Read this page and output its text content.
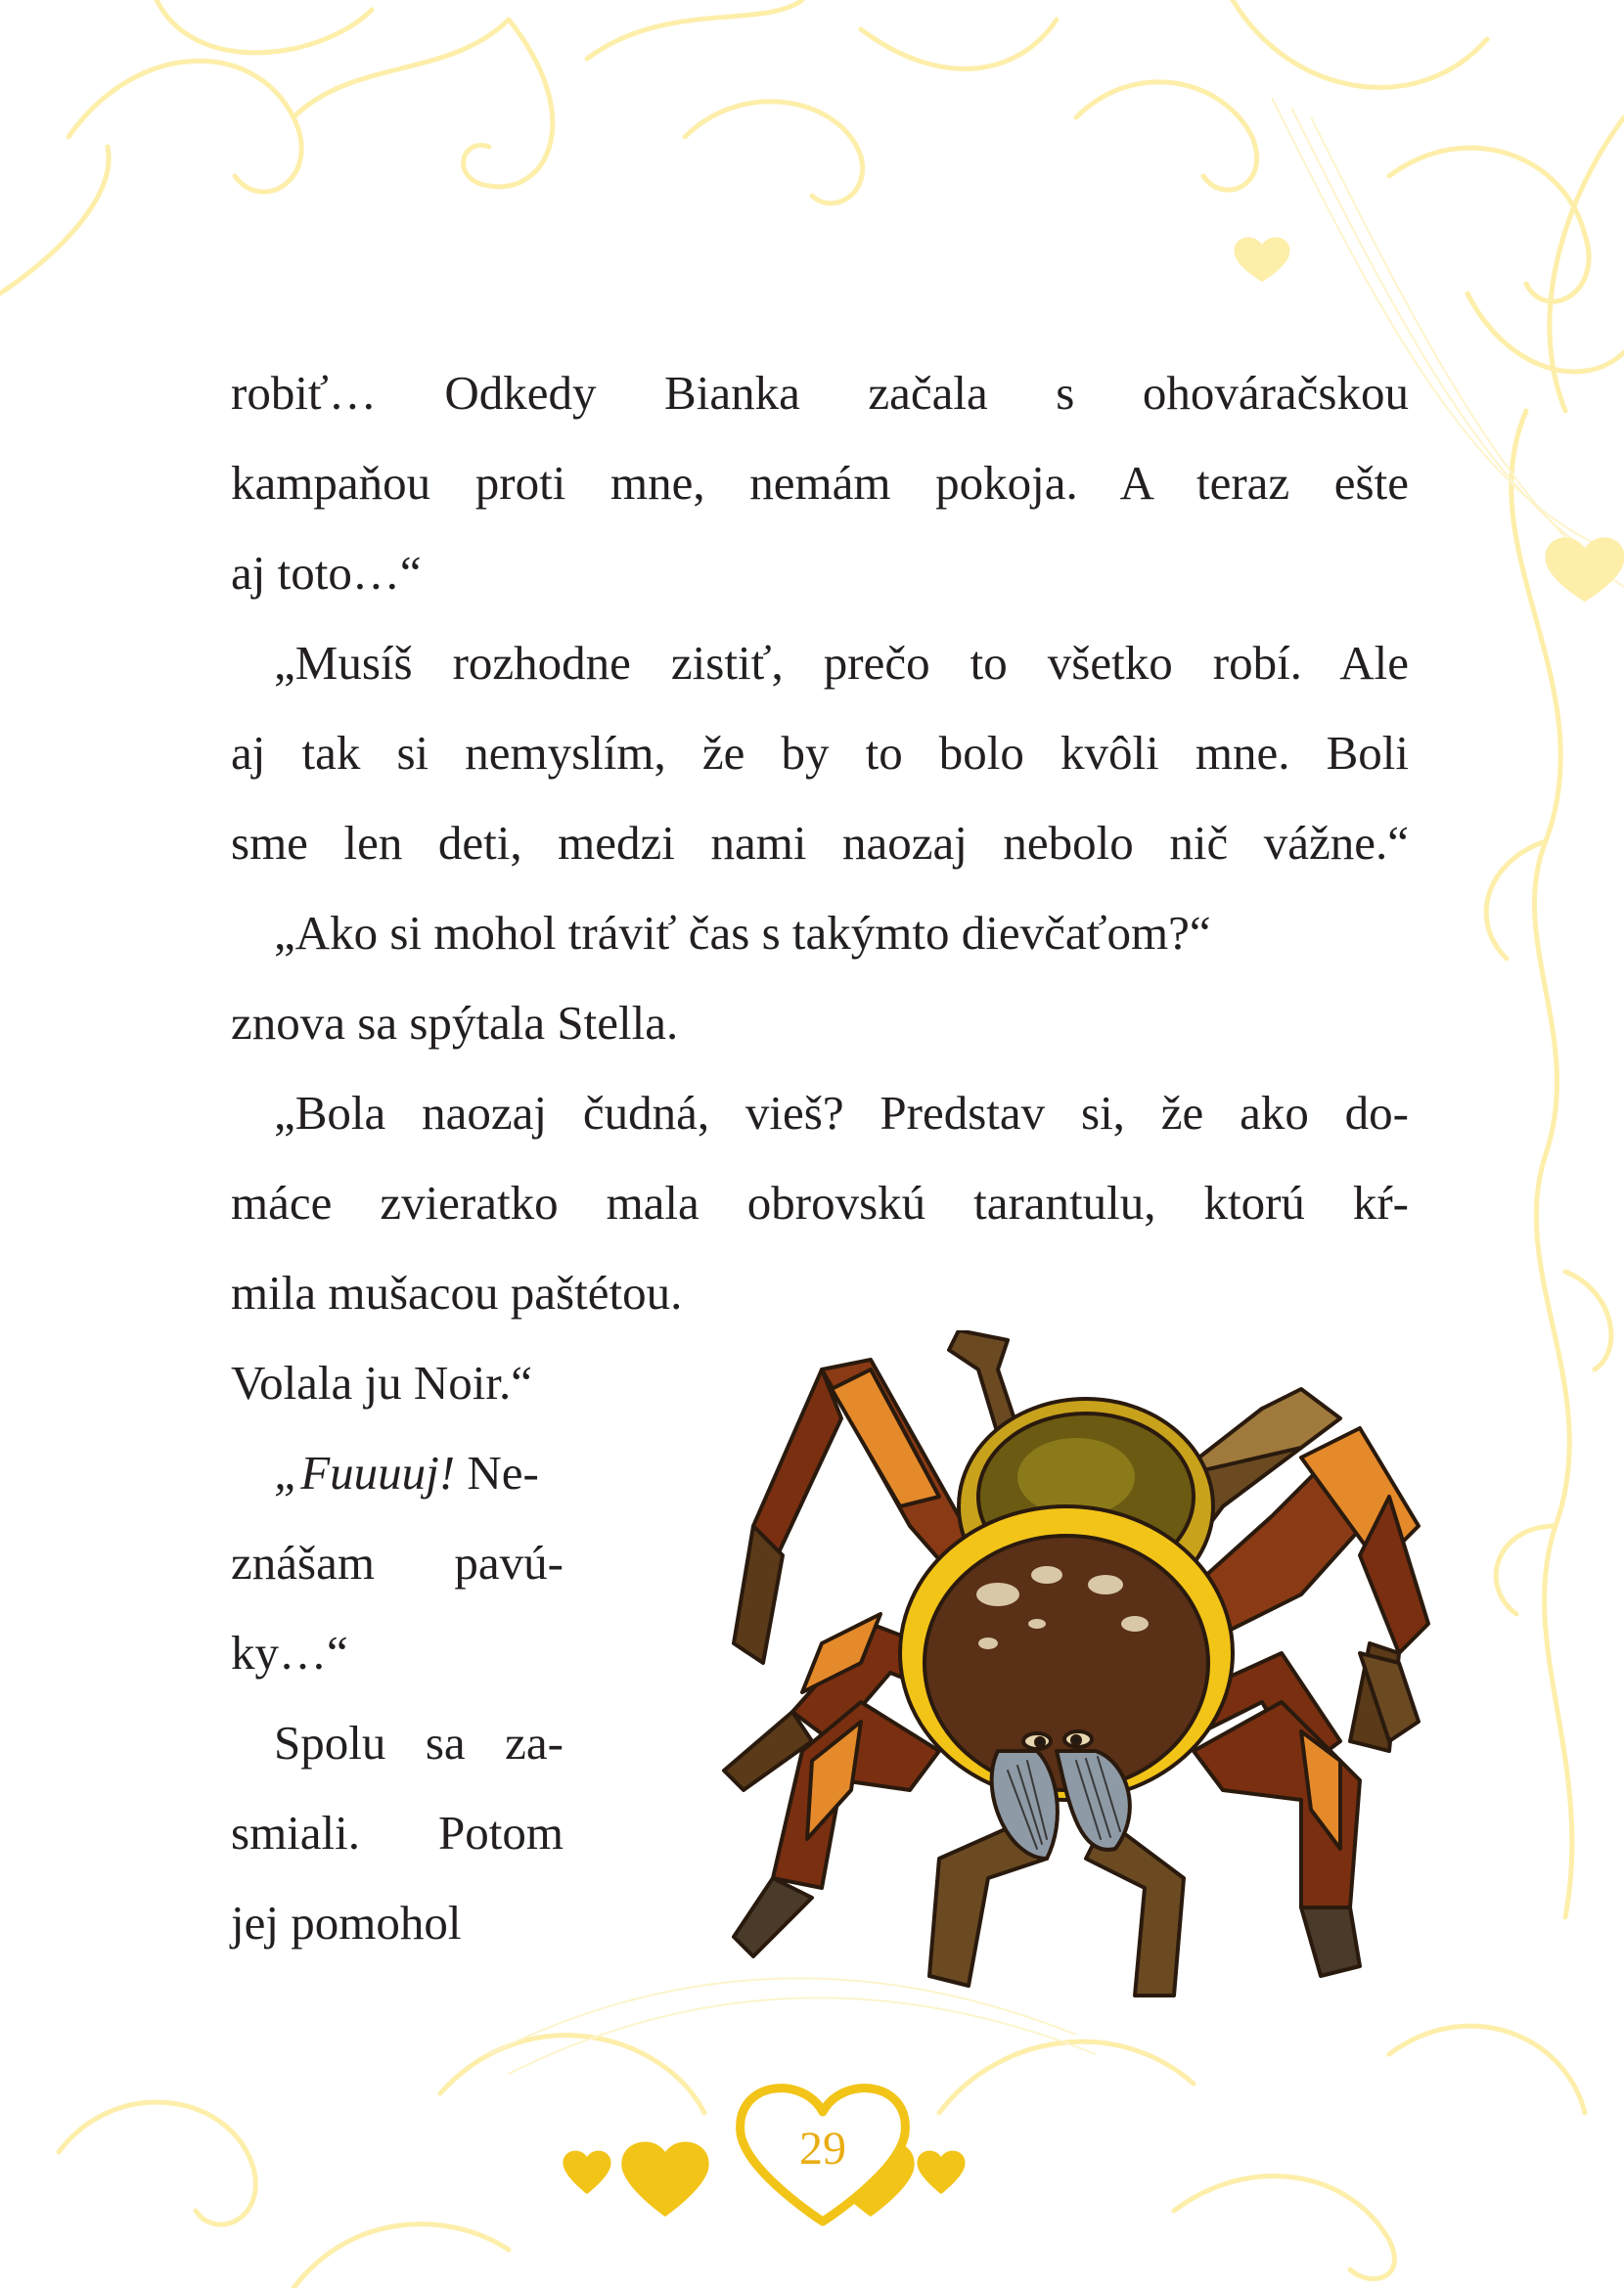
robiť… Odkedy Bianka začala s ohováračskou
kampaňou proti mne, nemám pokoja. A teraz ešte
aj toto…“
„Musíš rozhodne zistiť, prečo to všetko robí. Ale
aj tak si nemyslím, že by to bolo kvôli mne. Boli
sme len deti, medzi nami naozaj nebolo nič vážne.“
„Ako si mohol tráviť čas s takýmto dievčaťom?“
znova sa spýtala Stella.
„Bola naozaj čudná, vieš? Predstav si, že ako do-
máce zvieratko mala obrovskú tarantulu, ktorú kŕ-
mila mušacou paštétou.
Volala ju Noir.“
„Fuuuuj! Ne-
znášam pavú-
ky…“
Spolu sa za-
smiali. Potom
jej pomohol
29
